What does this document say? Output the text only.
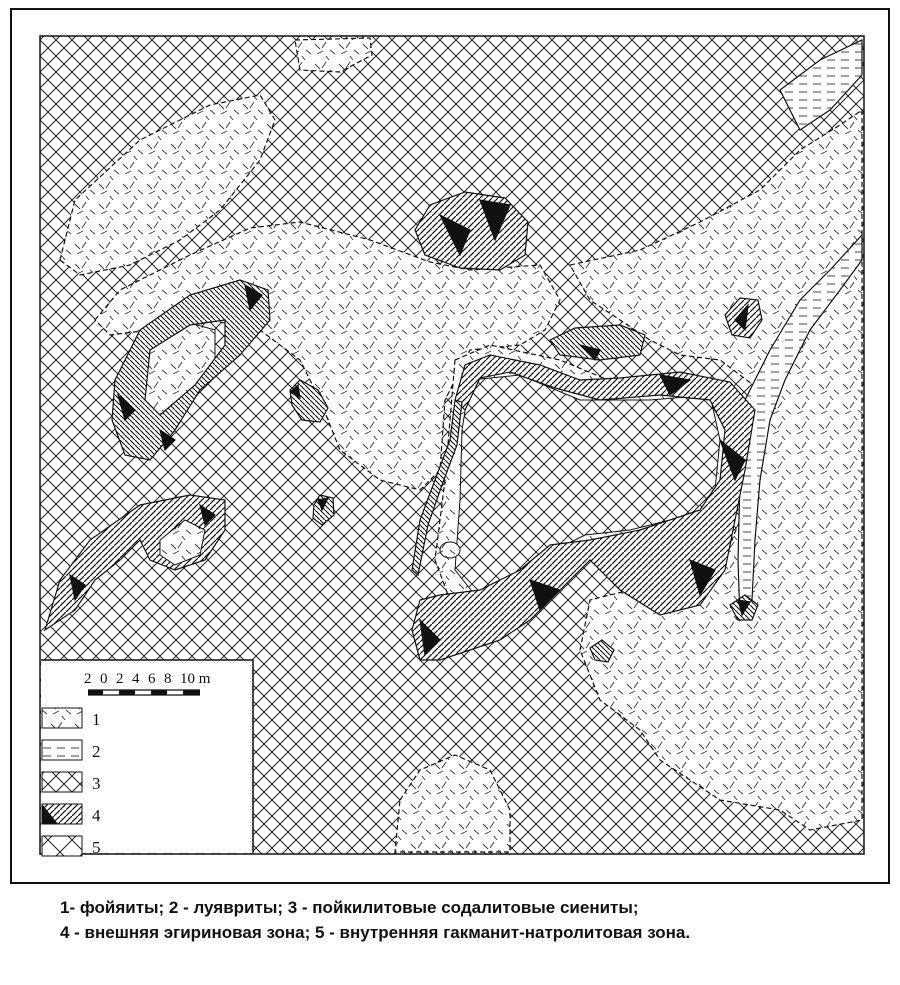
2 0 2 4 6 8 10 m
1
2
3
4
5
1- фойяиты; 2 - луявриты; 3 - пойкилитовые содалитовые сиениты;
4 - внешняя эгириновая зона; 5 - внутренняя гакманит-натролитовая зона.
